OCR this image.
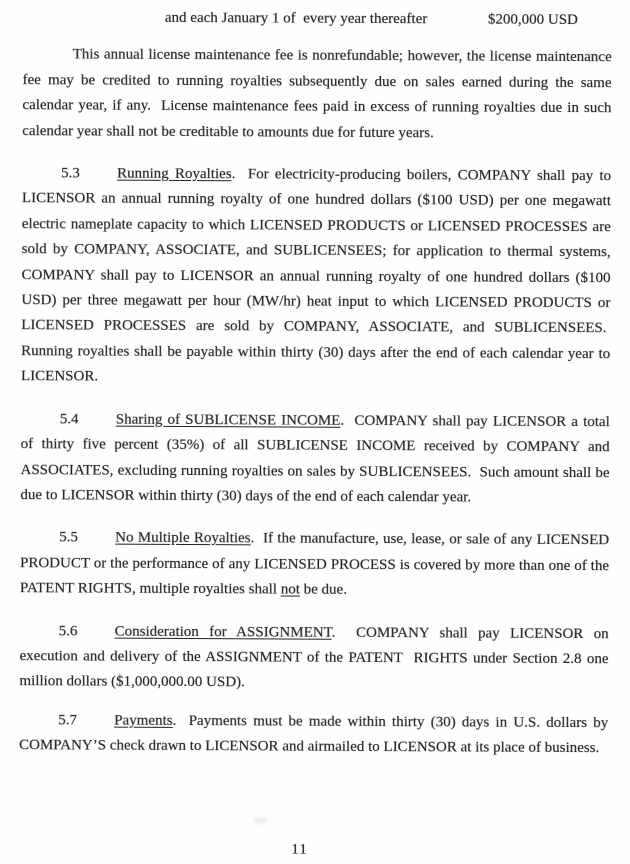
and each January 1 of  every year thereafter	$200,000 USD

This annual license maintenance fee is nonrefundable; however, the license maintenance fee may be credited to running royalties subsequently due on sales earned during the same calendar year, if any.  License maintenance fees paid in excess of running royalties due in such calendar year shall not be creditable to amounts due for future years.

5.3 Running Royalties.  For electricity-producing boilers, COMPANY shall pay to LICENSOR an annual running royalty of one hundred dollars ($100 USD) per one megawatt electric nameplate capacity to which LICENSED PRODUCTS or LICENSED PROCESSES are sold by COMPANY, ASSOCIATE, and SUBLICENSEES; for application to thermal systems, COMPANY shall pay to LICENSOR an annual running royalty of one hundred dollars ($100 USD) per three megawatt per hour (MW/hr) heat input to which LICENSED PRODUCTS or LICENSED PROCESSES are sold by COMPANY, ASSOCIATE, and SUBLICENSEES.  Running royalties shall be payable within thirty (30) days after the end of each calendar year to LICENSOR.

5.4 Sharing of SUBLICENSE INCOME.  COMPANY shall pay LICENSOR a total of thirty five percent (35%) of all SUBLICENSE INCOME received by COMPANY and ASSOCIATES, excluding running royalties on sales by SUBLICENSEES.  Such amount shall be due to LICENSOR within thirty (30) days of the end of each calendar year.

5.5 No Multiple Royalties.  If the manufacture, use, lease, or sale of any LICENSED PRODUCT or the performance of any LICENSED PROCESS is covered by more than one of the PATENT RIGHTS, multiple royalties shall not be due.

5.6 Consideration for ASSIGNMENT.  COMPANY shall pay LICENSOR on execution and delivery of the ASSIGNMENT of the PATENT  RIGHTS under Section 2.8 one million dollars ($1,000,000.00 USD).

5.7 Payments.  Payments must be made within thirty (30) days in U.S. dollars by COMPANY’S check drawn to LICENSOR and airmailed to LICENSOR at its place of business.

11
